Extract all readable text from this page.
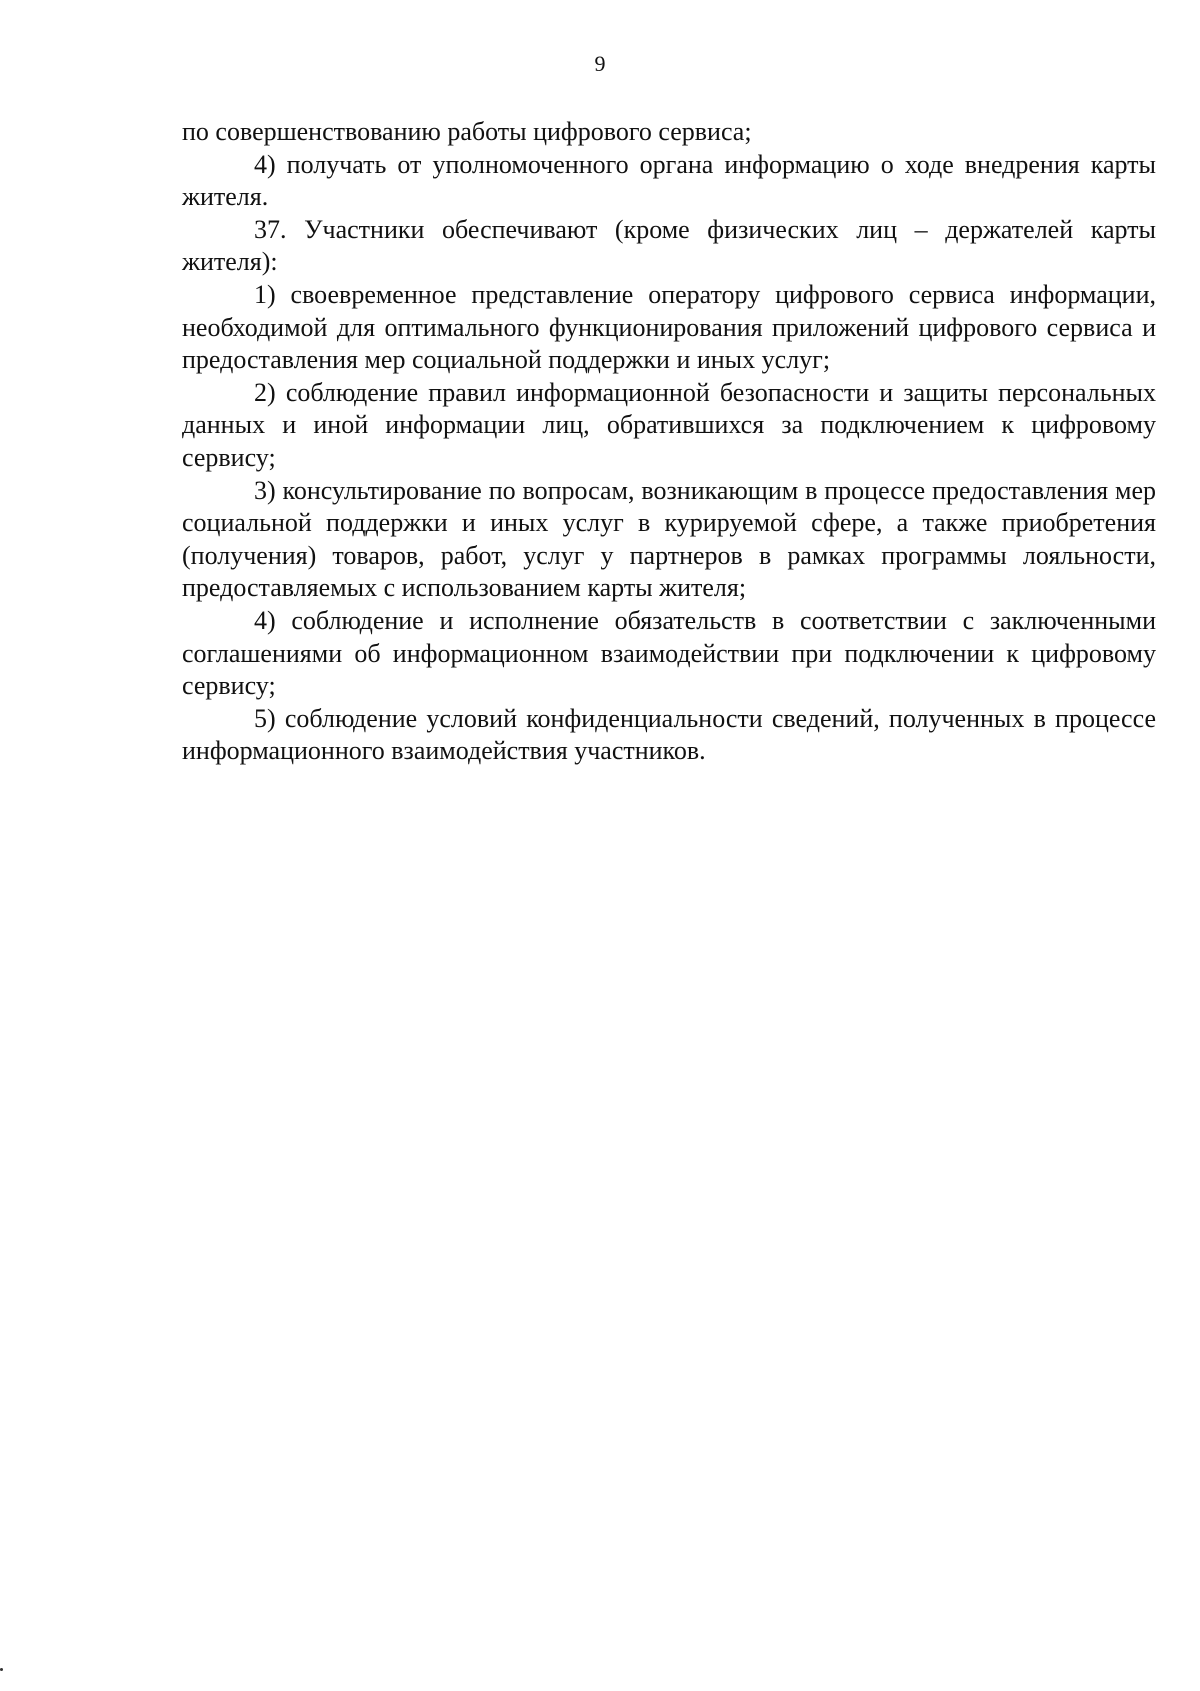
9

по совершенствованию работы цифрового сервиса;

4) получать от уполномоченного органа информацию о ходе внедрения карты жителя.

37. Участники обеспечивают (кроме физических лиц – держателей карты жителя):

1) своевременное представление оператору цифрового сервиса информации, необходимой для оптимального функционирования приложений цифрового сервиса и предоставления мер социальной поддержки и иных услуг;

2) соблюдение правил информационной безопасности и защиты персональных данных и иной информации лиц, обратившихся за подключением к цифровому сервису;

3) консультирование по вопросам, возникающим в процессе предоставления мер социальной поддержки и иных услуг в курируемой сфере, а также приобретения (получения) товаров, работ, услуг у партнеров в рамках программы лояльности, предоставляемых с использованием карты жителя;

4) соблюдение и исполнение обязательств в соответствии с заключенными соглашениями об информационном взаимодействии при подключении к цифровому сервису;

5) соблюдение условий конфиденциальности сведений, полученных в процессе информационного взаимодействия участников.
